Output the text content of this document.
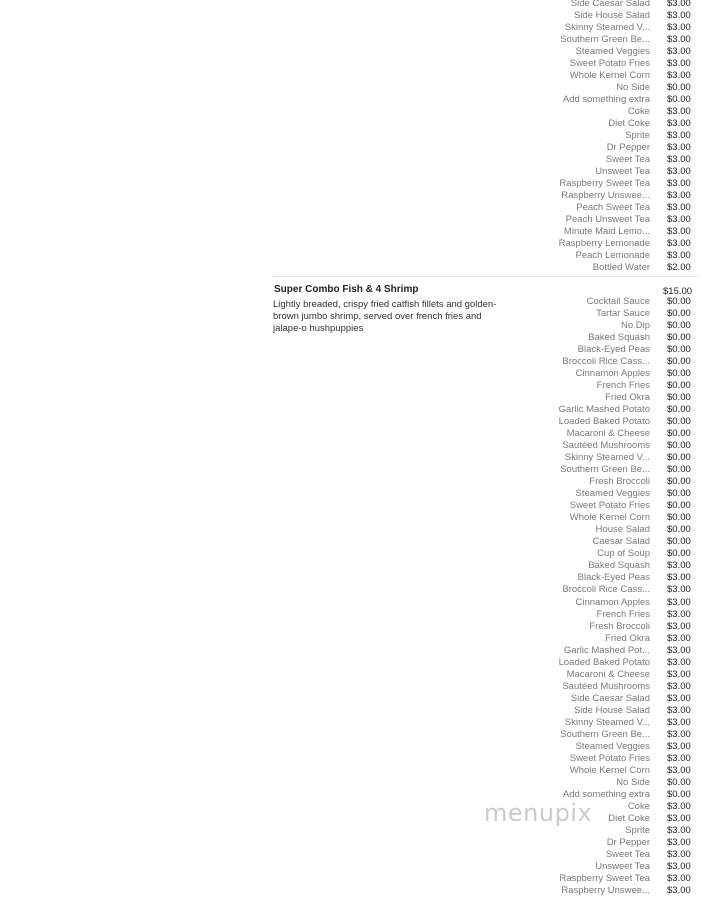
Side Caesar Salad $3.00
Side House Salad $3.00
Skinny Steamed V... $3.00
Southern Green Be... $3.00
Steamed Veggies $3.00
Sweet Potato Fries $3.00
Whole Kernel Corn $3.00
No Side $0.00
Add something extra $0.00
Coke $3.00
Diet Coke $3.00
Sprite $3.00
Dr Pepper $3.00
Sweet Tea $3.00
Unsweet Tea $3.00
Raspberry Sweet Tea $3.00
Raspberry Unswee... $3.00
Peach Sweet Tea $3.00
Peach Unsweet Tea $3.00
Minute Maid Lemo... $3.00
Raspberry Lemonade $3.00
Peach Lemonade $3.00
Bottled Water $2.00
Super Combo Fish & 4 Shrimp	$15.00
Lightly breaded, crispy fried catfish fillets and golden-brown jumbo shrimp, served over french fries and jalape-o hushpuppies
Cocktail Sauce $0.00
Tartar Sauce $0.00
No Dip $0.00
Baked Squash $0.00
Black-Eyed Peas $0.00
Broccoli Rice Cass... $0.00
Cinnamon Apples $0.00
French Fries $0.00
Fried Okra $0.00
Garlic Mashed Potato $0.00
Loaded Baked Potato $0.00
Macaroni & Cheese $0.00
Sautéed Mushrooms $0.00
Skinny Steamed V... $0.00
Southern Green Be... $0.00
Fresh Broccoli $0.00
Steamed Veggies $0.00
Sweet Potato Fries $0.00
Whole Kernel Corn $0.00
House Salad $0.00
Caesar Salad $0.00
Cup of Soup $0.00
Baked Squash $3.00
Black-Eyed Peas $3.00
Broccoli Rice Cass... $3.00
Cinnamon Apples $3.00
French Fries $3.00
Fresh Broccoli $3.00
Fried Okra $3.00
Garlic Mashed Pot... $3.00
Loaded Baked Potato $3.00
Macaroni & Cheese $3.00
Sautéed Mushrooms $3.00
Side Caesar Salad $3.00
Side House Salad $3.00
Skinny Steamed V... $3.00
Southern Green Be... $3.00
Steamed Veggies $3.00
Sweet Potato Fries $3.00
Whole Kernel Corn $3.00
No Side $0.00
Add something extra $0.00
Coke $3.00
Diet Coke $3.00
Sprite $3.00
Dr Pepper $3.00
Sweet Tea $3.00
Unsweet Tea $3.00
Raspberry Sweet Tea $3.00
Raspberry Unswee... $3.00
menupix
